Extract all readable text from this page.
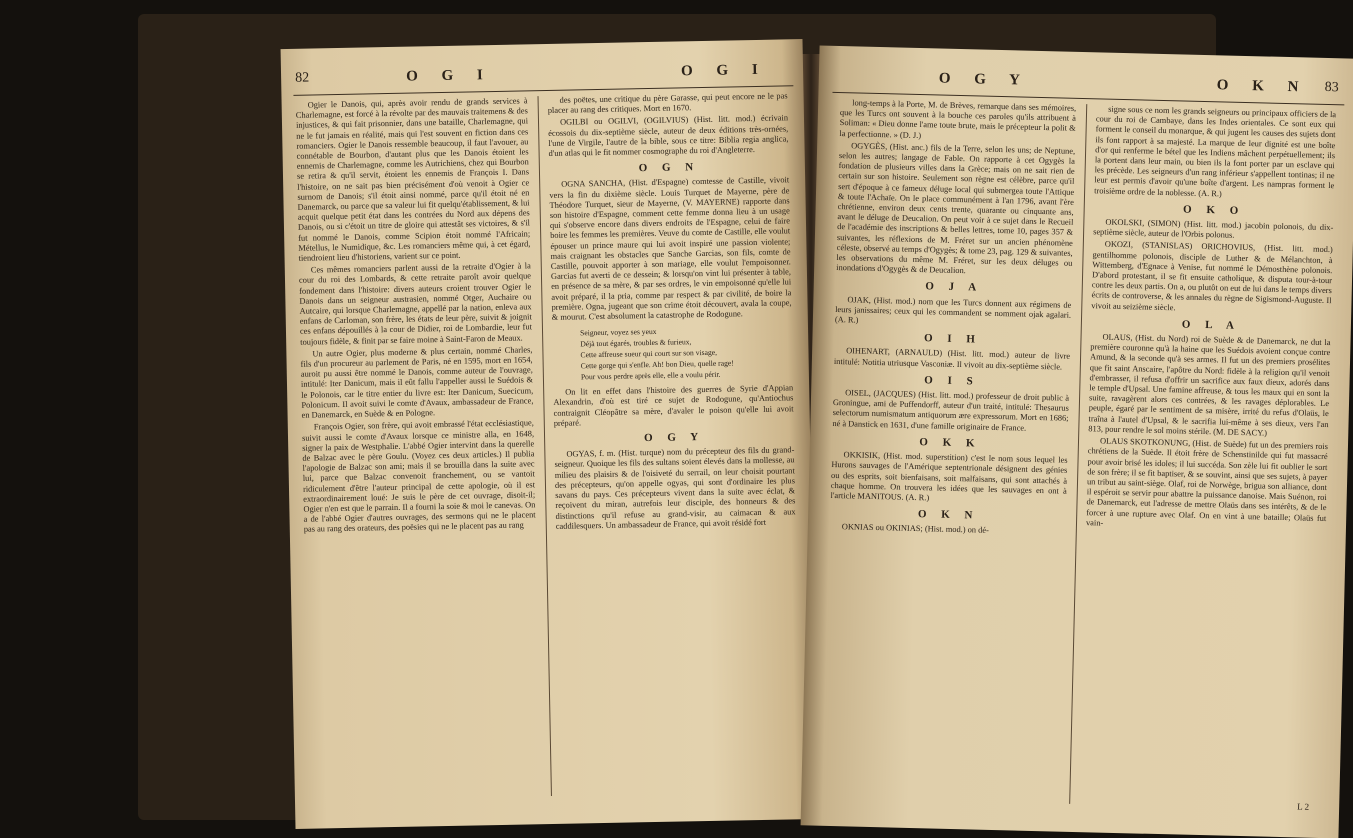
82	O G I	O G I

Ogier le Danois, qui, après avoir rendu de grands services à Charlemagne, est forcé à la révolte par des mauvais traitemens & des injustices, & qui fait prisonnier, dans une bataille, Charlemagne, qui ne le fut jamais en réalité, mais qui l'est souvent en fiction dans ces romanciers. Ogier le Danois ressemble beaucoup, il faut l'avouer, au connétable de Bourbon, d'autant plus que les Danois étoient les ennemis de Charlemagne, comme les Autrichiens, chez qui Bourbon se retira & qu'il servit, étoient les ennemis de François I. Dans l'histoire, on ne sait pas bien précisément d'où venoit à Ogier ce surnom de Danois; s'il étoit ainsi nommé, parce qu'il étoit né en Danemarck, ou parce que sa valeur lui fit quelqu'établissement, & lui acquit quelque petit état dans les contrées du Nord aux dépens des Danois, ou si c'étoit un titre de gloire qui attestât ses victoires, & s'il fut nommé le Danois, comme Scipion étoit nommé l'Africain; Métellus, le Numidique, &c. Les romanciers même qui, à cet égard, tiendroient lieu d'historiens, varient sur ce point.

Ces mêmes romanciers parlent aussi de la retraite d'Ogier à la cour du roi des Lombards, & cette retraite paroît avoir quelque fondement dans l'histoire: divers auteurs croient trouver Ogier le Danois dans un seigneur austrasien, nommé Otger, Auchaire ou Autcaire, qui lorsque Charlemagne, appellé par la nation, enleva aux enfans de Carloman, son frère, les états de leur père, suivit & joignit ces enfans dépouillés à la cour de Didier, roi de Lombardie, leur fut toujours fidèle, & finit par se faire moine à Saint-Faron de Meaux.

Un autre Ogier, plus moderne & plus certain, nommé Charles, fils d'un procureur au parlement de Paris, né en 1595, mort en 1654, auroit pu aussi être nommé le Danois, comme auteur de l'ouvrage, intitulé: Iter Danicum, mais il eût fallu l'appeller aussi le Suédois & le Polonois, car le titre entier du livre est: Iter Danicum, Suecicum, Polonicum. Il avoit suivi le comte d'Avaux, ambassadeur de France, en Danemarck, en Suède & en Pologne.

François Ogier, son frère, qui avoit embrassé l'état ecclésiastique, suivit aussi le comte d'Avaux lorsque ce ministre alla, en 1648, signer la paix de Westphalie. L'abbé Ogier intervint dans la querelle de Balzac avec le père Goulu. (Voyez ces deux articles.) Il publia l'apologie de Balzac son ami; mais il se brouilla dans la suite avec lui, parce que Balzac convenoit franchement, ou se vantoit ridiculement d'être l'auteur principal de cette apologie, où il est extraordinairement loué: Je suis le père de cet ouvrage, disoit-il; Ogier n'en est que le parrain. Il a fourni la soie & moi le canevas. On a de l'abbé Ogier d'autres ouvrages, des sermons qui ne le placent pas au rang des orateurs, des poësies qui ne le placent pas au rang

des poëtes, une critique du père Garasse, qui peut encore ne le pas placer au rang des critiques. Mort en 1670.

OGILBI ou OGILVI, (OGILVIUS) (Hist. litt. mod.) écrivain écossois du dix-septième siècle, auteur de deux éditions très-ornées, l'une de Virgile, l'autre de la bible, sous ce titre: Biblia regia anglica, d'un atlas qui le fit nommer cosmographe du roi d'Angleterre.

O G N

OGNA SANCHA, (Hist. d'Espagne) comtesse de Castille, vivoit vers la fin du dixième siècle. Louis Turquet de Mayerne, père de Théodore Turquet, sieur de Mayerne, (V. MAYERNE) rapporte dans son histoire d'Espagne, comment cette femme donna lieu à un usage qui s'observe encore dans divers endroits de l'Espagne, celui de faire boire les femmes les premières. Veuve du comte de Castille, elle voulut épouser un prince maure qui lui avoit inspiré une passion violente; mais craignant les obstacles que Sanche Garcias, son fils, comte de Castille, pouvoit apporter à son mariage, elle voulut l'empoisonner. Garcias fut averti de ce dessein; & lorsqu'on vint lui présenter à table, en présence de sa mère, & par ses ordres, le vin empoisonné qu'elle lui avoit préparé, il la pria, comme par respect & par civilité, de boire la première. Ogna, jugeant que son crime étoit découvert, avala la coupe, & mourut. C'est absolument la catastrophe de Rodogune.

Seigneur, voyez ses yeux
Déjà tout égarés, troubles & furieux,
Cette affreuse sueur qui court sur son visage,
Cette gorge qui s'enfle. Ah! bon Dieu, quelle rage!
Pour vous perdre après elle, elle a voulu périr.

On lit en effet dans l'histoire des guerres de Syrie d'Appian Alexandrin, d'où est tiré ce sujet de Rodogune, qu'Antiochus contraignit Cléopâtre sa mère, d'avaler le poison qu'elle lui avoit préparé.

O G Y

OGYAS, f. m. (Hist. turque) nom du précepteur des fils du grand-seigneur. Quoique les fils des sultans soient élevés dans la mollesse, au milieu des plaisirs & de l'oisiveté du serrail, on leur choisit pourtant des précepteurs, qu'on appelle ogyas, qui sont d'ordinaire les plus savans du pays. Ces précepteurs vivent dans la suite avec éclat, & reçoivent du miran, autrefois leur disciple, des honneurs & des distinctions qu'il refuse au grand-visir, au caimacan & aux caddilesquers. Un ambassadeur de France, qui avoit résidé fort

O G Y	O K N 83

long-temps à la Porte, M. de Brèves, remarque dans ses mémoires, que les Turcs ont souvent à la bouche ces paroles qu'ils attribuent à Soliman: « Dieu donne l'ame toute brute, mais le précepteur la polit & la perfectionne. » (D. J.)

OGYGÈS, (Hist. anc.) fils de la Terre, selon les uns; de Neptune, selon les autres; langage de Fable. On rapporte à cet Ogygès la fondation de plusieurs villes dans la Grèce; mais on ne sait rien de certain sur son histoire. Seulement son règne est célèbre, parce qu'il sert d'époque à ce fameux déluge local qui submergea toute l'Attique & toute l'Achaïe. On le place communément à l'an 1796, avant l'ère chrétienne, environ deux cents trente, quarante ou cinquante ans, avant le déluge de Deucalion. On peut voir à ce sujet dans le Recueil de l'académie des inscriptions & belles lettres, tome 10, pages 357 & suivantes, les réflexions de M. Fréret sur un ancien phénomène céleste, observé au temps d'Ogygès; & tome 23, pag. 129 & suivantes, les observations du même M. Fréret, sur les deux déluges ou inondations d'Ogygès & de Deucalion.

O J A

OJAK, (Hist. mod.) nom que les Turcs donnent aux régimens de leurs janissaires; ceux qui les commandent se nomment ojak agalari. (A. R.)

O I H

OIHENART, (ARNAULD) (Hist. litt. mod.) auteur de livre intitulé: Notitia utriusque Vasconiæ. Il vivoit au dix-septième siècle.

O I S

OISEL, (JACQUES) (Hist. litt. mod.) professeur de droit public à Groningue, ami de Puffendorff, auteur d'un traité, intitulé: Thesaurus selectorum numismatum antiquorum ære expressorum. Mort en 1686; né à Danstick en 1631, d'une famille originaire de France.

O K K

OKKISIK, (Hist. mod. superstition) c'est le nom sous lequel les Hurons sauvages de l'Amérique septentrionale désignent des génies ou des esprits, soit bienfaisans, soit malfaisans, qui sont attachés à chaque homme. On trouvera les idées que les sauvages en ont à l'article MANITOUS. (A. R.)

O K N

OKNIAS ou OKINIAS; (Hist. mod.) on dé-

signe sous ce nom les grands seigneurs ou principaux officiers de la cour du roi de Cambaye, dans les Indes orientales. Ce sont eux qui forment le conseil du monarque, & qui jugent les causes des sujets dont ils font rapport à sa majesté. La marque de leur dignité est une boîte d'or qui renferme le bétel que les Indiens mâchent perpétuellement; ils la portent dans leur main, ou bien ils la font porter par un esclave qui les précède. Les seigneurs d'un rang inférieur s'appellent tontinas; il ne leur est permis d'avoir qu'une boîte d'argent. Les nampras forment le troisième ordre de la noblesse. (A. R.)

O K O

OKOLSKI, (SIMON) (Hist. litt. mod.) jacobin polonois, du dix-septième siècle, auteur de l'Orbis polonus.

OKOZI, (STANISLAS) ORICHOVIUS, (Hist. litt. mod.) gentilhomme polonois, disciple de Luther & de Mélanchton, à Wittemberg, d'Egnace à Venise, fut nommé le Démosthène polonois. D'abord protestant, il se fit ensuite catholique, & disputa tour-à-tour contre les deux partis. On a, ou plutôt on eut de lui dans le temps divers écrits de controverse, & les annales du règne de Sigismond-Auguste. Il vivoit au seizième siècle.

O L A

OLAUS, (Hist. du Nord) roi de Suède & de Danemarck, ne dut la première couronne qu'à la haine que les Suédois avoient conçue contre Amund, & la seconde qu'à ses armes. Il fut un des premiers prosélites que fit saint Anscaire, l'apôtre du Nord: fidèle à la religion qu'il venoit d'embrasser, il refusa d'offrir un sacrifice aux faux dieux, adorés dans le temple d'Upsal. Une famine affreuse, & tous les maux qui en sont la suite, ravagèrent alors ces contrées, & les ravages déplorables. Le peuple, égaré par le sentiment de sa misère, irrité du refus d'Olaüs, le traîna à l'autel d'Upsal, & le sacrifia lui-même à ses dieux, vers l'an 813, pour rendre le sol moins stérile. (M. DE SACY.)

OLAUS SKOTKONUNG, (Hist. de Suède) fut un des premiers rois chrétiens de la Suède. Il étoit frère de Schenstinilde qui fut massacré pour avoir brisé les idoles; il lui succéda. Son zèle lui fit oublier le sort de son frère; il se fit baptiser, & se souvint, ainsi que ses sujets, à payer un tribut au saint-siège. Olaf, roi de Norwège, brigua son alliance, dont il espéroit se servir pour abattre la puissance danoise. Mais Suénon, roi de Danemarck, eut l'adresse de mettre Olaüs dans ses intérêts, & de le forcer à une rupture avec Olaf. On en vint à une bataille; Olaüs fut vain-

L 2
